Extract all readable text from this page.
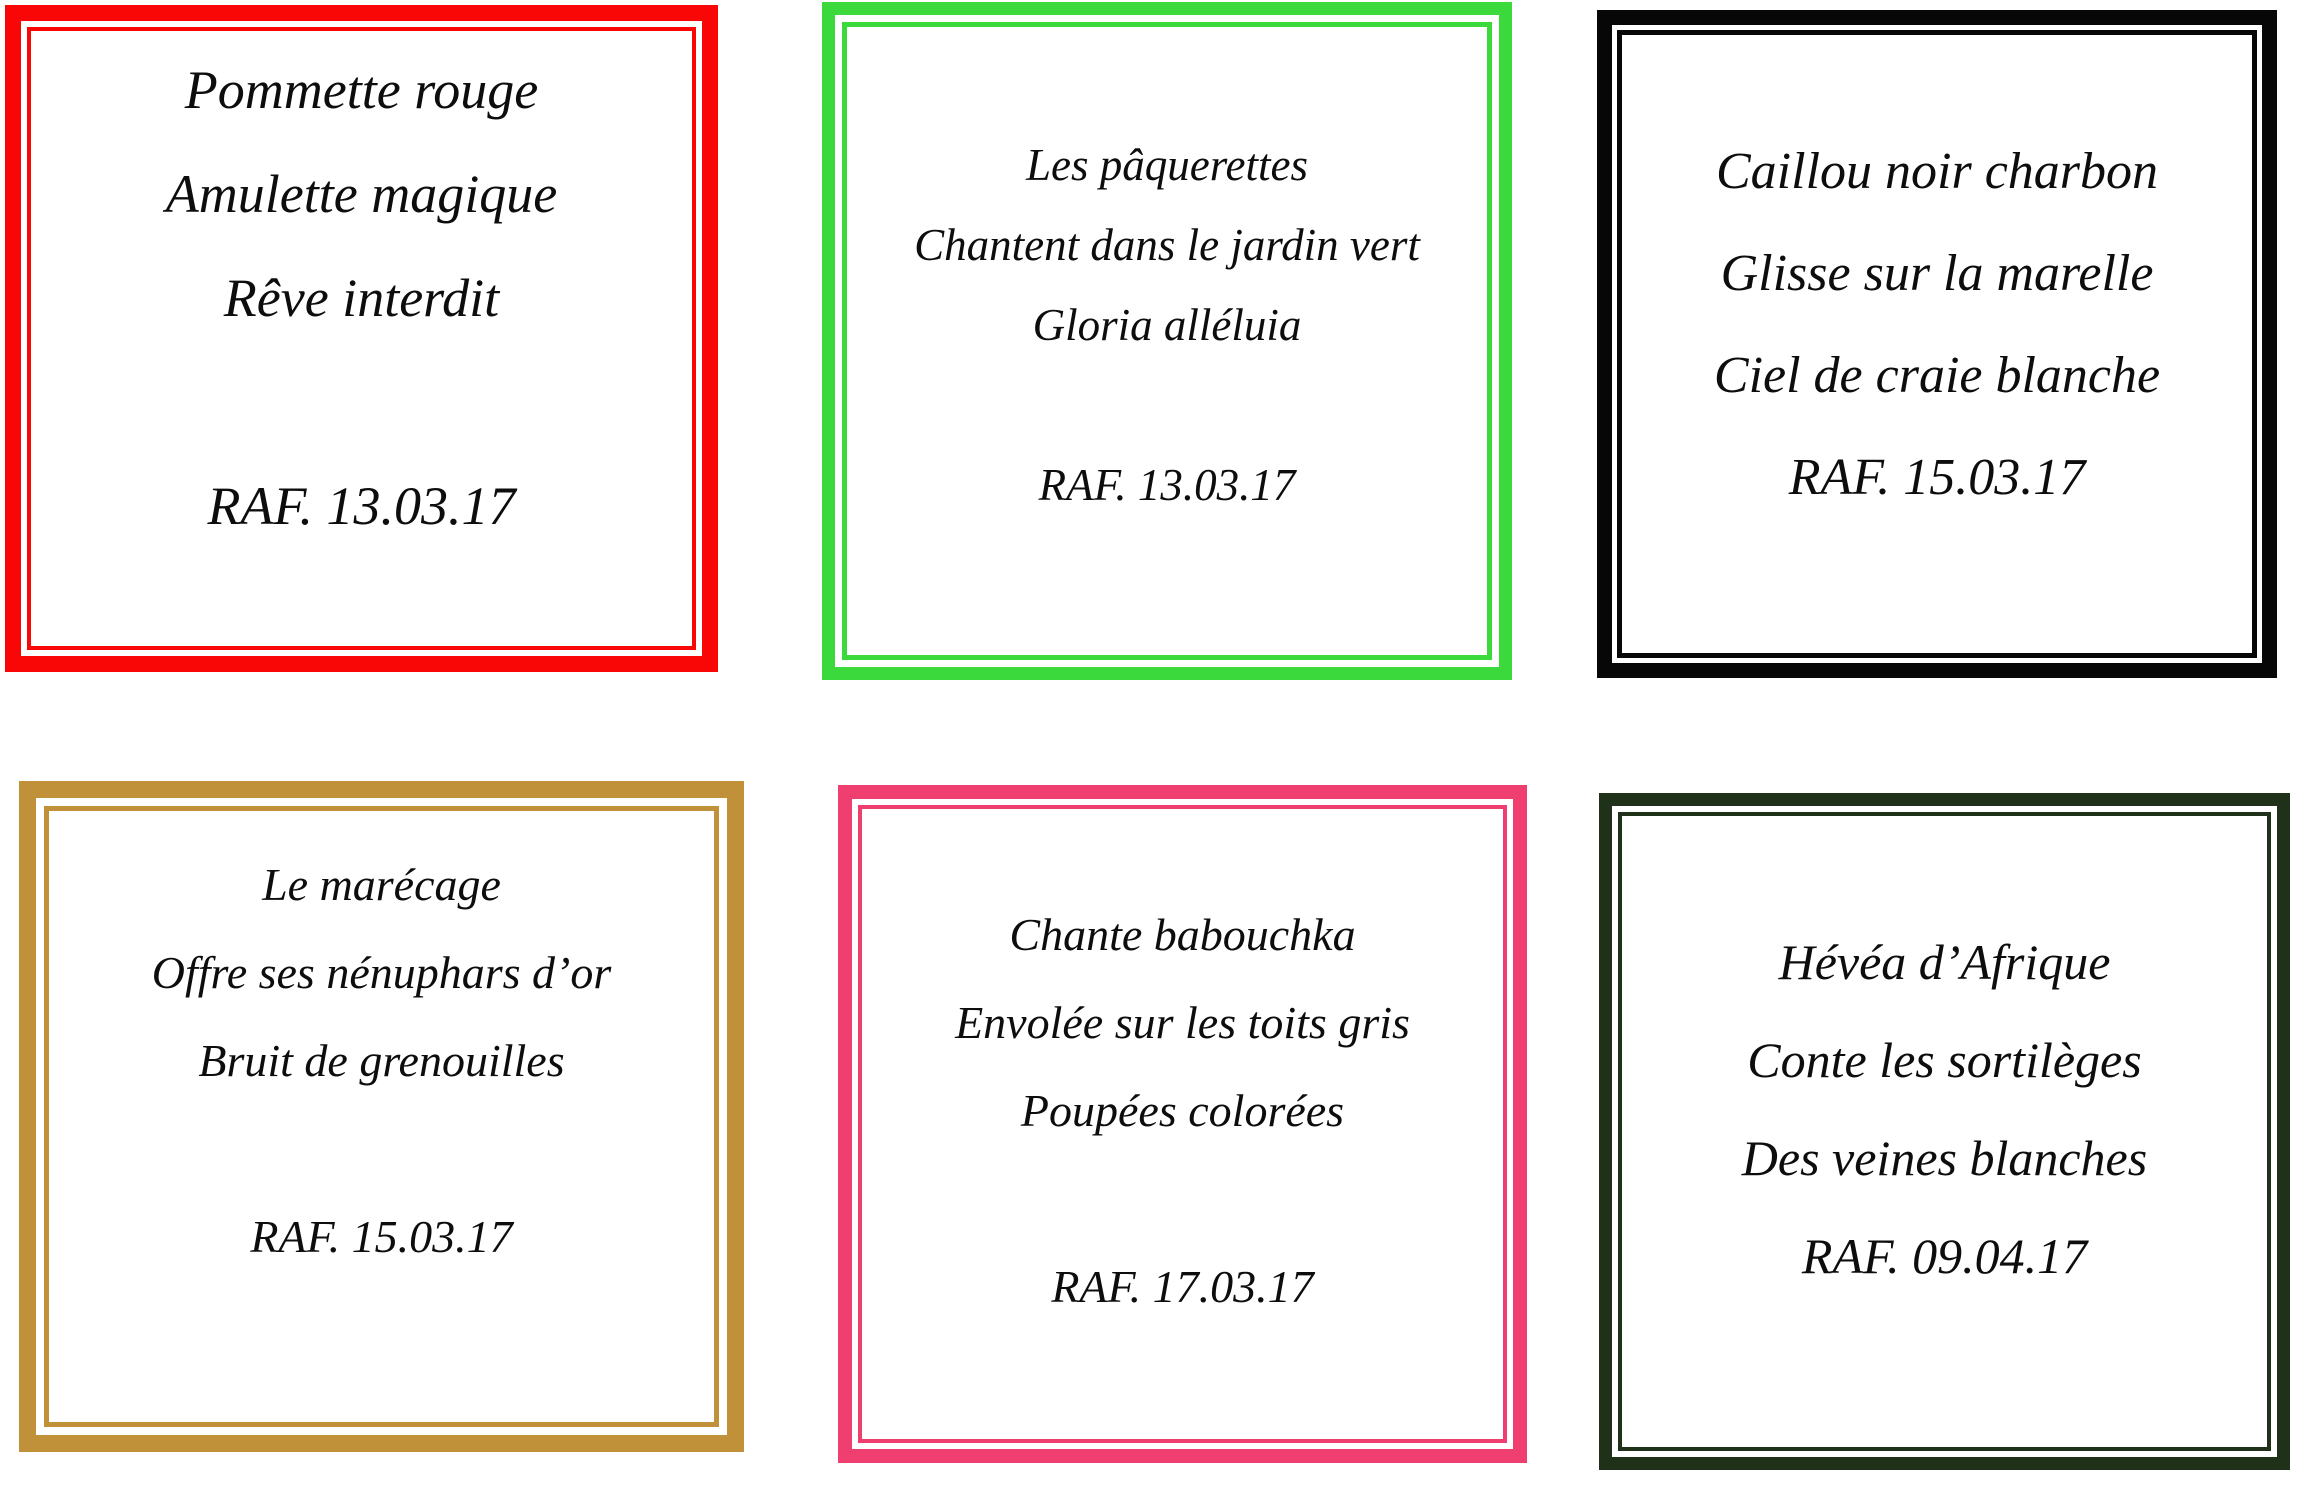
Pommette rouge
Amulette magique
Rêve interdit

RAF. 13.03.17
Les pâquerettes
Chantent dans le jardin vert
Gloria alléluia

RAF. 13.03.17
Caillou noir charbon
Glisse sur la marelle
Ciel de craie blanche
RAF. 15.03.17
Le marécage
Offre ses nénuphars d’or
Bruit de grenouilles

RAF. 15.03.17
Chante babouchka
Envolée sur les toits gris
Poupées colorées

RAF. 17.03.17
Hévéa d’Afrique
Conte les sortilèges
Des veines blanches
RAF. 09.04.17
